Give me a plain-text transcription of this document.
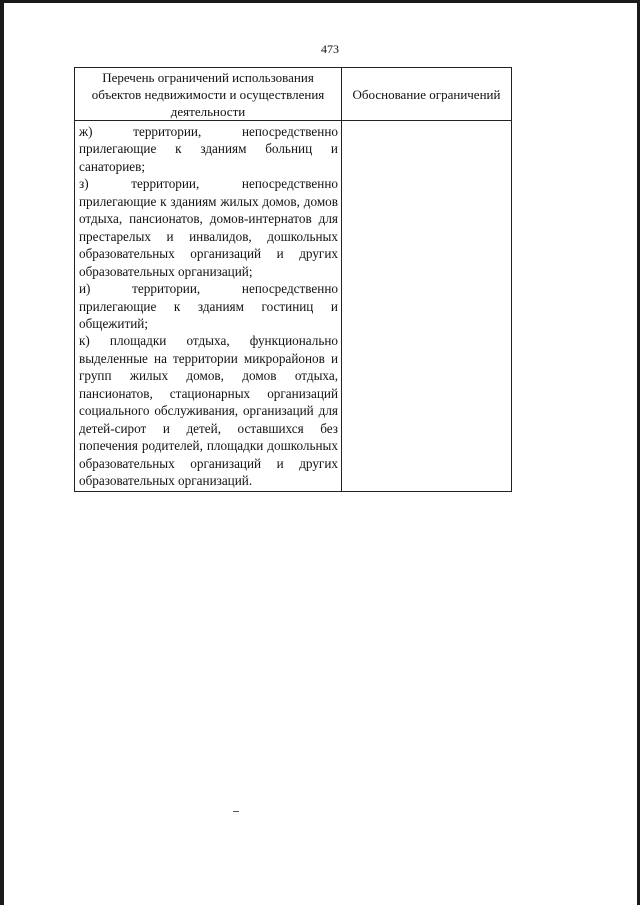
473
Перечень ограничений использования объектов недвижимости и осуществления деятельности	Обоснование ограничений

ж) территории, непосредственно прилегающие к зданиям больниц и санаториев;
з) территории, непосредственно прилегающие к зданиям жилых домов, домов отдыха, пансионатов, домов-интернатов для престарелых и инвалидов, дошкольных образовательных организаций и других образовательных организаций;
и) территории, непосредственно прилегающие к зданиям гостиниц и общежитий;
к) площадки отдыха, функционально выделенные на территории микрорайонов и групп жилых домов, домов отдыха, пансионатов, стационарных организаций социального обслуживания, организаций для детей-сирот и детей, оставшихся без попечения родителей, площадки дошкольных образовательных организаций и других образовательных организаций.	
